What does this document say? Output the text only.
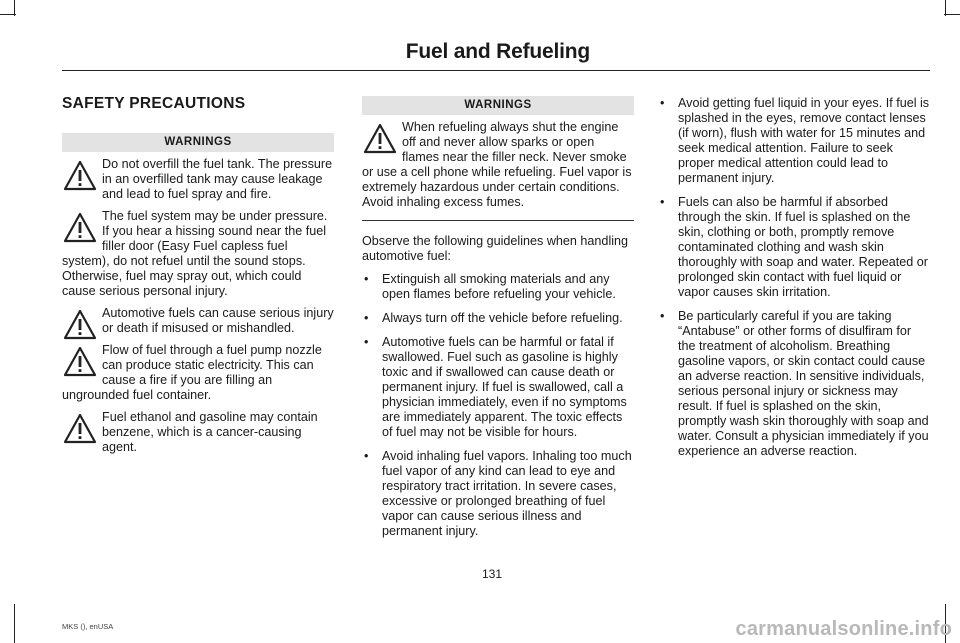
Fuel and Refueling
SAFETY PRECAUTIONS
WARNINGS

Do not overfill the fuel tank. The pressure in an overfilled tank may cause leakage and lead to fuel spray and fire.

The fuel system may be under pressure. If you hear a hissing sound near the fuel filler door (Easy Fuel capless fuel system), do not refuel until the sound stops. Otherwise, fuel may spray out, which could cause serious personal injury.

Automotive fuels can cause serious injury or death if misused or mishandled.

Flow of fuel through a fuel pump nozzle can produce static electricity. This can cause a fire if you are filling an ungrounded fuel container.

Fuel ethanol and gasoline may contain benzene, which is a cancer-causing agent.

WARNINGS

When refueling always shut the engine off and never allow sparks or open flames near the filler neck. Never smoke or use a cell phone while refueling. Fuel vapor is extremely hazardous under certain conditions. Avoid inhaling excess fumes.

Observe the following guidelines when handling automotive fuel:

• Extinguish all smoking materials and any open flames before refueling your vehicle.
• Always turn off the vehicle before refueling.
• Automotive fuels can be harmful or fatal if swallowed. Fuel such as gasoline is highly toxic and if swallowed can cause death or permanent injury. If fuel is swallowed, call a physician immediately, even if no symptoms are immediately apparent. The toxic effects of fuel may not be visible for hours.
• Avoid inhaling fuel vapors. Inhaling too much fuel vapor of any kind can lead to eye and respiratory tract irritation. In severe cases, excessive or prolonged breathing of fuel vapor can cause serious illness and permanent injury.
• Avoid getting fuel liquid in your eyes. If fuel is splashed in the eyes, remove contact lenses (if worn), flush with water for 15 minutes and seek medical attention. Failure to seek proper medical attention could lead to permanent injury.
• Fuels can also be harmful if absorbed through the skin. If fuel is splashed on the skin, clothing or both, promptly remove contaminated clothing and wash skin thoroughly with soap and water. Repeated or prolonged skin contact with fuel liquid or vapor causes skin irritation.
• Be particularly careful if you are taking “Antabuse” or other forms of disulfiram for the treatment of alcoholism. Breathing gasoline vapors, or skin contact could cause an adverse reaction. In sensitive individuals, serious personal injury or sickness may result. If fuel is splashed on the skin, promptly wash skin thoroughly with soap and water. Consult a physician immediately if you experience an adverse reaction.
131
MKS (), enUSA	carmanualsonline.info
